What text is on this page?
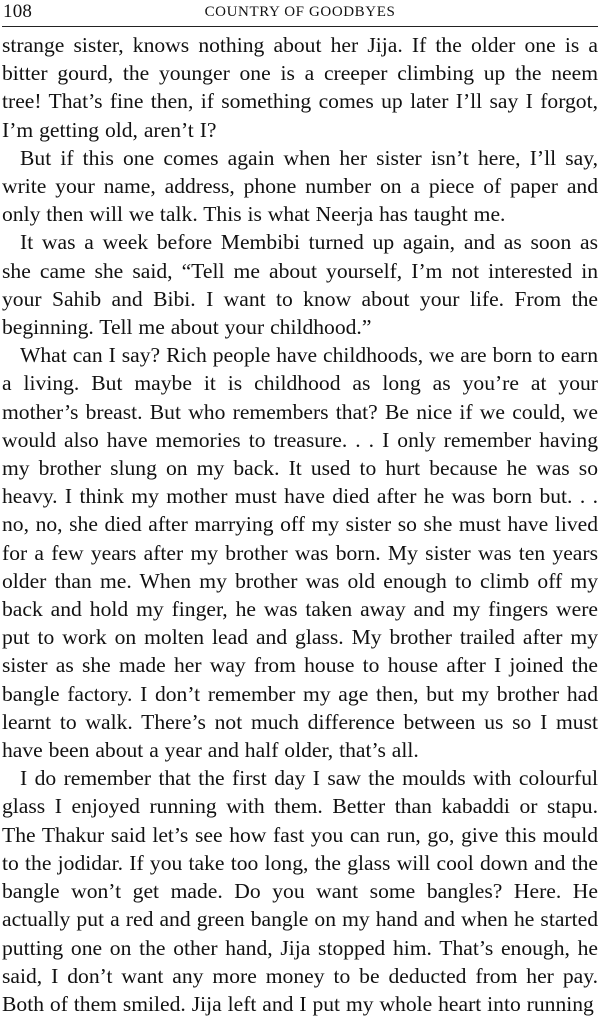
108	COUNTRY OF GOODBYES

strange sister, knows nothing about her Jija. If the older one is a bitter gourd, the younger one is a creeper climbing up the neem tree! That’s fine then, if something comes up later I’ll say I forgot, I’m getting old, aren’t I?

But if this one comes again when her sister isn’t here, I’ll say, write your name, address, phone number on a piece of paper and only then will we talk. This is what Neerja has taught me.

It was a week before Membibi turned up again, and as soon as she came she said, “Tell me about yourself, I’m not interested in your Sahib and Bibi. I want to know about your life. From the beginning. Tell me about your childhood.”

What can I say? Rich people have childhoods, we are born to earn a living. But maybe it is childhood as long as you’re at your mother’s breast. But who remembers that? Be nice if we could, we would also have memories to treasure. . . I only remember having my brother slung on my back. It used to hurt because he was so heavy. I think my mother must have died after he was born but. . . no, no, she died after marrying off my sister so she must have lived for a few years after my brother was born. My sister was ten years older than me. When my brother was old enough to climb off my back and hold my finger, he was taken away and my fingers were put to work on molten lead and glass. My brother trailed after my sister as she made her way from house to house after I joined the bangle factory. I don’t remember my age then, but my brother had learnt to walk. There’s not much difference between us so I must have been about a year and half older, that’s all.

I do remember that the first day I saw the moulds with colourful glass I enjoyed running with them. Better than kabaddi or stapu. The Thakur said let’s see how fast you can run, go, give this mould to the jodidar. If you take too long, the glass will cool down and the bangle won’t get made. Do you want some bangles? Here. He actually put a red and green bangle on my hand and when he started putting one on the other hand, Jija stopped him. That’s enough, he said, I don’t want any more money to be deducted from her pay. Both of them smiled. Jija left and I put my whole heart into running
